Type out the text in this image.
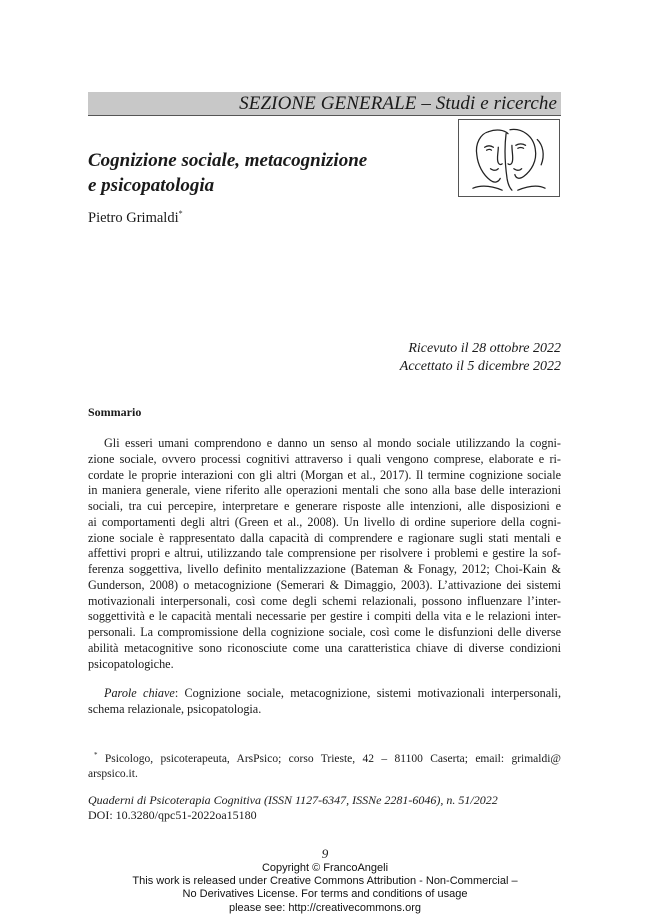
SEZIONE GENERALE – Studi e ricerche
Cognizione sociale, metacognizione
e psicopatologia
Pietro Grimaldi*
Ricevuto il 28 ottobre 2022
Accettato il 5 dicembre 2022
Sommario
Gli esseri umani comprendono e danno un senso al mondo sociale utilizzando la cogni-
zione sociale, ovvero processi cognitivi attraverso i quali vengono comprese, elaborate e ri-
cordate le proprie interazioni con gli altri (Morgan et al., 2017). Il termine cognizione sociale
in maniera generale, viene riferito alle operazioni mentali che sono alla base delle interazioni
sociali, tra cui percepire, interpretare e generare risposte alle intenzioni, alle disposizioni e
ai comportamenti degli altri (Green et al., 2008). Un livello di ordine superiore della cogni-
zione sociale è rappresentato dalla capacità di comprendere e ragionare sugli stati mentali e
affettivi propri e altrui, utilizzando tale comprensione per risolvere i problemi e gestire la sof-
ferenza soggettiva, livello definito mentalizzazione (Bateman & Fonagy, 2012; Choi-Kain &
Gunderson, 2008) o metacognizione (Semerari & Dimaggio, 2003). L’attivazione dei sistemi
motivazionali interpersonali, così come degli schemi relazionali, possono influenzare l’inter-
soggettività e le capacità mentali necessarie per gestire i compiti della vita e le relazioni inter-
personali. La compromissione della cognizione sociale, così come le disfunzioni delle diverse
abilità metacognitive sono riconosciute come una caratteristica chiave di diverse condizioni
psicopatologiche.
Parole chiave: Cognizione sociale, metacognizione, sistemi motivazionali interpersonali,
schema relazionale, psicopatologia.
* Psicologo, psicoterapeuta, ArsPsico; corso Trieste, 42 – 81100 Caserta; email: grimaldi@
arspsico.it.
Quaderni di Psicoterapia Cognitiva (ISSN 1127-6347, ISSNe 2281-6046), n. 51/2022
DOI: 10.3280/qpc51-2022oa15180
9
Copyright © FrancoAngeli
This work is released under Creative Commons Attribution - Non-Commercial –
No Derivatives License. For terms and conditions of usage
please see: http://creativecommons.org
